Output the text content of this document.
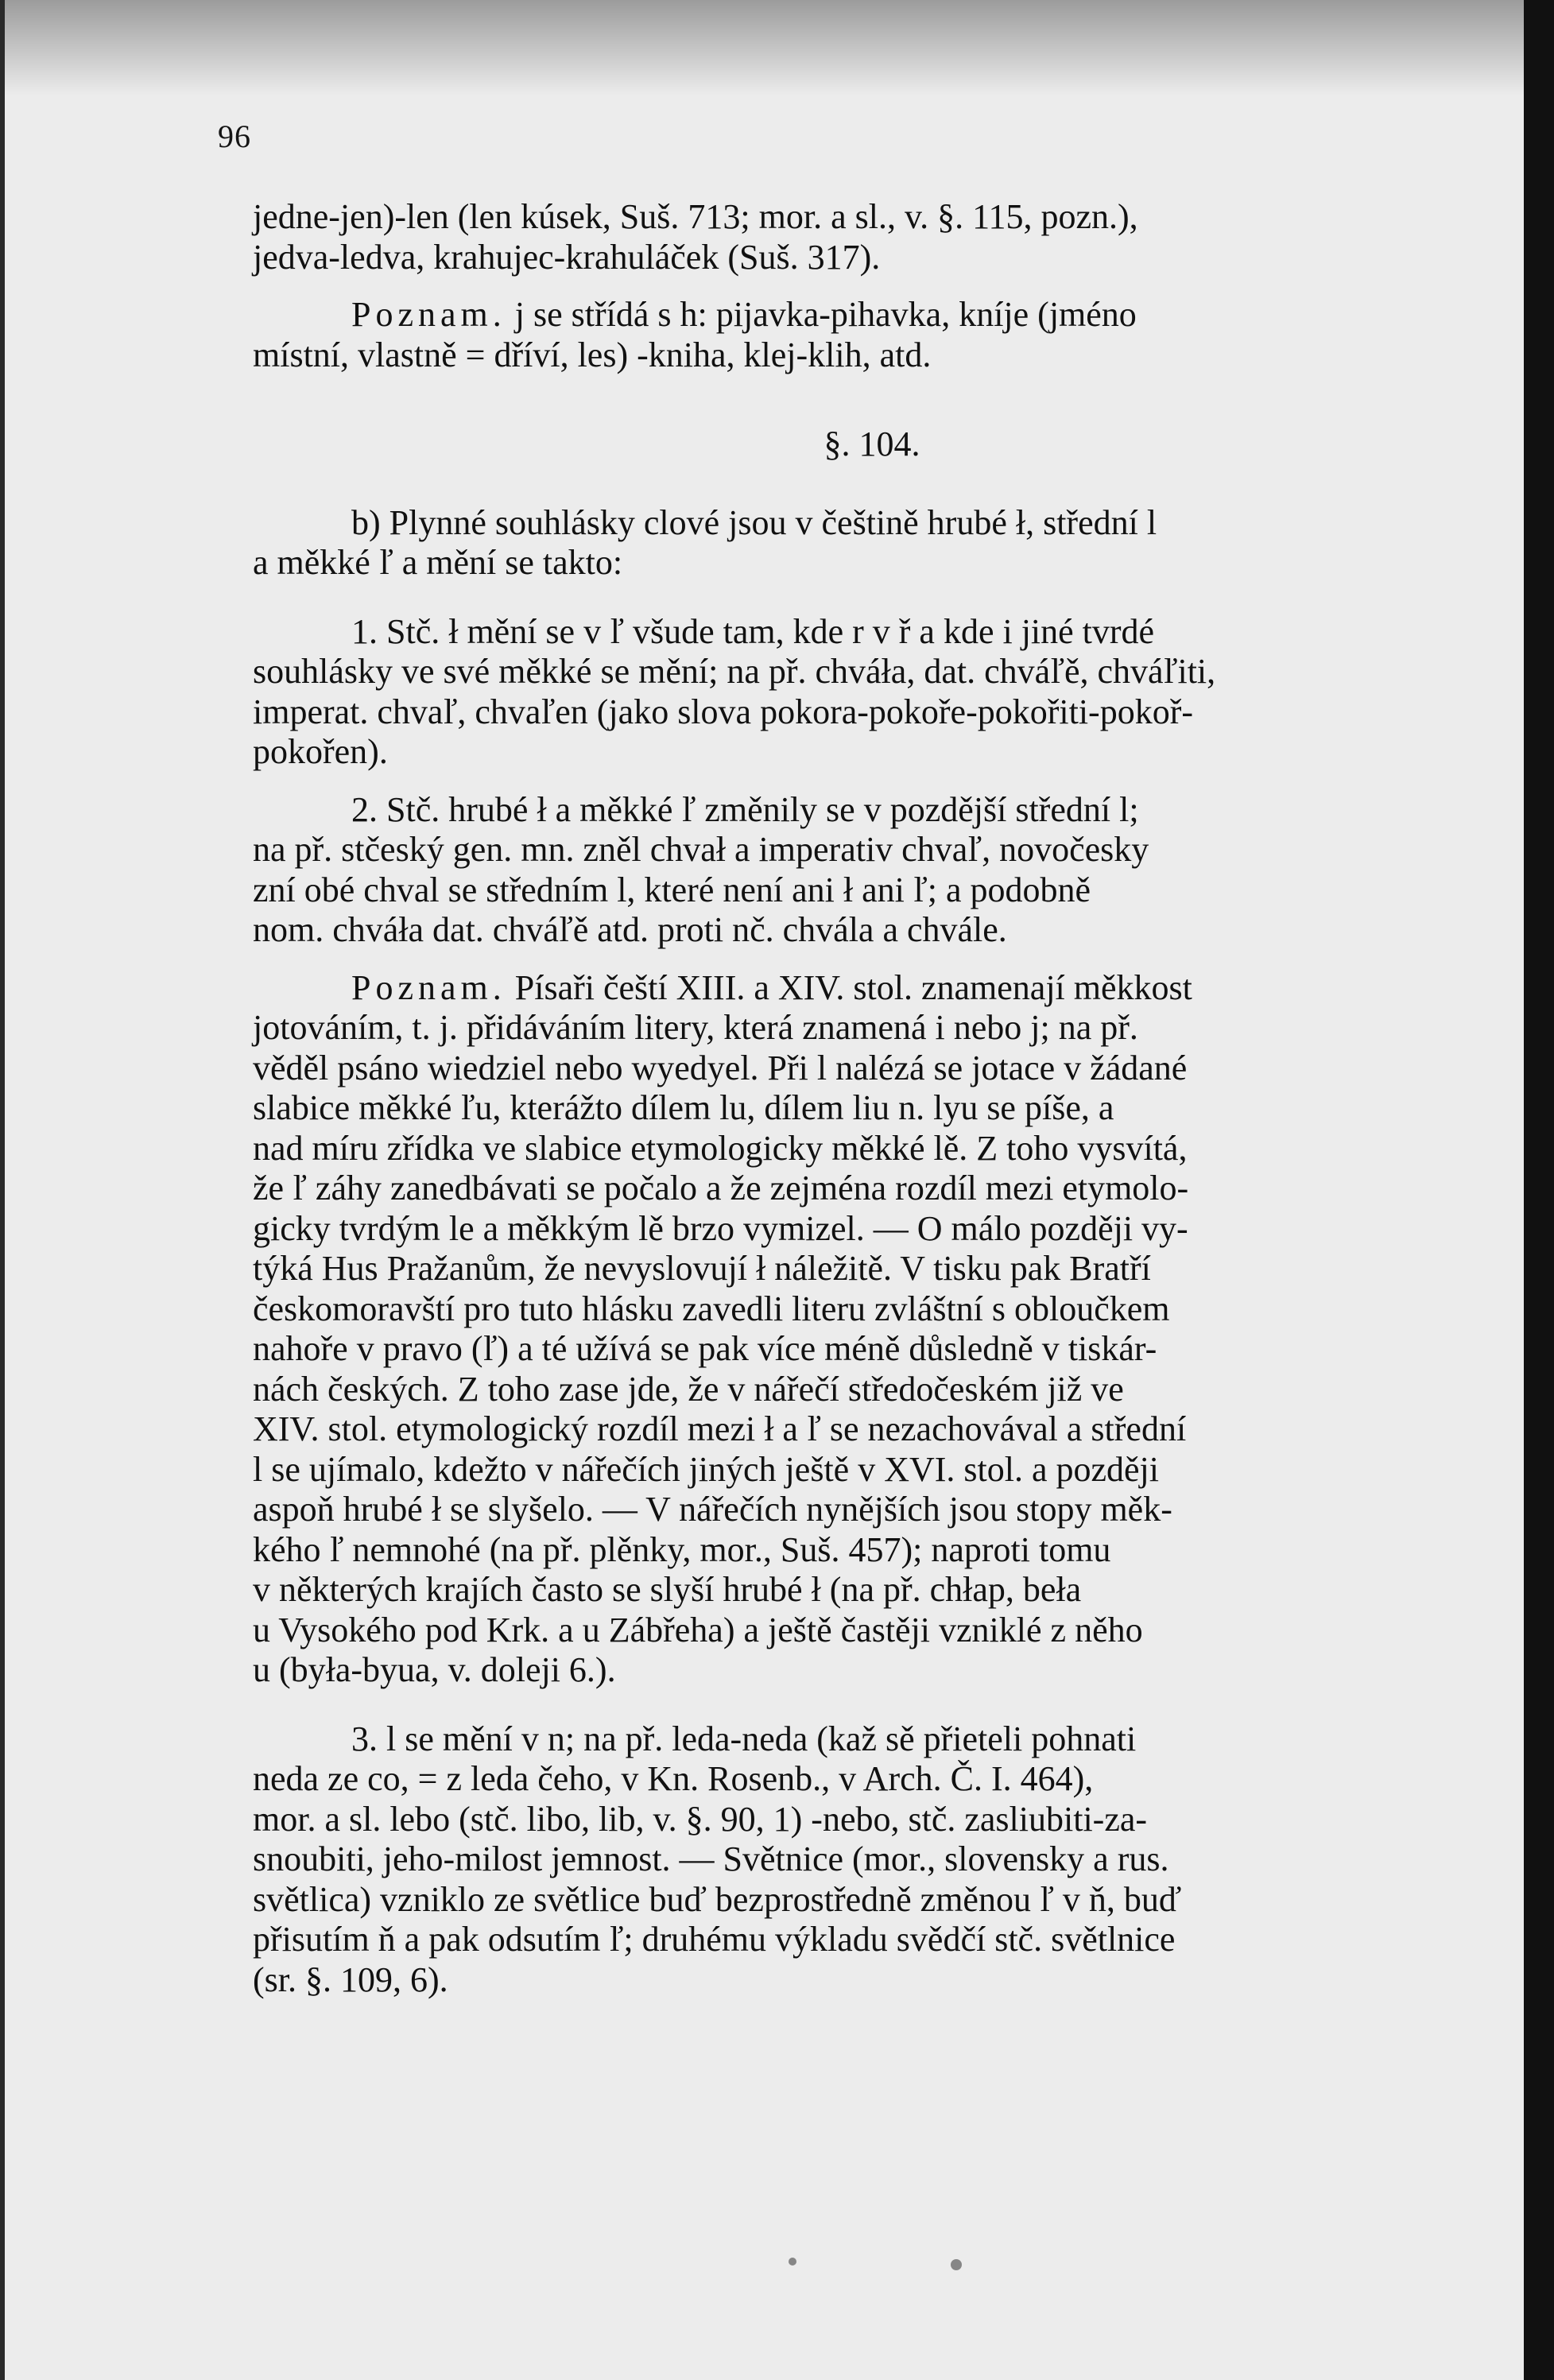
96

jedne-jen)-len (len kúsek, Suš. 713; mor. a sl., v. §. 115, pozn.),

jedva-ledva, krahujec-krahuláček (Suš. 317).

Poznam. j se střídá s h: pijavka-pihavka, kníje (jméno

místní, vlastně = dříví, les) -kniha, klej-klih, atd.

§. 104.

b) Plynné souhlásky clové jsou v češtině hrubé ł, střední l

a měkké ľ a mění se takto:

1. Stč. ł mění se v ľ všude tam, kde r v ř a kde i jiné tvrdé

souhlásky ve své měkké se mění; na př. chváła, dat. chváľě, chváľiti,

imperat. chvaľ, chvaľen (jako slova pokora-pokoře-pokořiti-pokoř-

pokořen).

2. Stč. hrubé ł a měkké ľ změnily se v pozdější střední l;

na př. stčeský gen. mn. zněl chvał a imperativ chvaľ, novočesky

zní obé chval se středním l, které není ani ł ani ľ; a podobně

nom. chváła dat. chváľě atd. proti nč. chvála a chvále.

Poznam. Písaři čeští XIII. a XIV. stol. znamenají měkkost

jotováním, t. j. přidáváním litery, která znamená i nebo j; na př.

věděl psáno wiedziel nebo wyedyel. Při l nalézá se jotace v žádané

slabice měkké ľu, kterážto dílem lu, dílem liu n. lyu se píše, a

nad míru zřídka ve slabice etymologicky měkké lě. Z toho vysvítá,

že ľ záhy zanedbávati se počalo a že zejména rozdíl mezi etymolo-

gicky tvrdým le a měkkým lě brzo vymizel. — O málo později vy-

týká Hus Pražanům, že nevyslovují ł náležitě. V tisku pak Bratří

českomoravští pro tuto hlásku zavedli literu zvláštní s obloučkem

nahoře v pravo (ľ) a té užívá se pak více méně důsledně v tiskár-

nách českých. Z toho zase jde, že v nářečí středočeském již ve

XIV. stol. etymologický rozdíl mezi ł a ľ se nezachovával a střední

l se ujímalo, kdežto v nářečích jiných ještě v XVI. stol. a později

aspoň hrubé ł se slyšelo. — V nářečích nynějších jsou stopy měk-

kého ľ nemnohé (na př. plěnky, mor., Suš. 457); naproti tomu

v některých krajích často se slyší hrubé ł (na př. chłap, beła

u Vysokého pod Krk. a u Zábřeha) a ještě častěji vzniklé z něho

u (była-byua, v. doleji 6.).

3. l se mění v n; na př. leda-neda (kaž sě přieteli pohnati

neda ze co, = z leda čeho, v Kn. Rosenb., v Arch. Č. I. 464),

mor. a sl. lebo (stč. libo, lib, v. §. 90, 1) -nebo, stč. zasliubiti-za-

snoubiti, jeho-milost jemnost. — Světnice (mor., slovensky a rus.

světlica) vzniklo ze světlice buď bezprostředně změnou ľ v ň, buď

přisutím ň a pak odsutím ľ; druhému výkladu svědčí stč. světlnice

(sr. §. 109, 6).
